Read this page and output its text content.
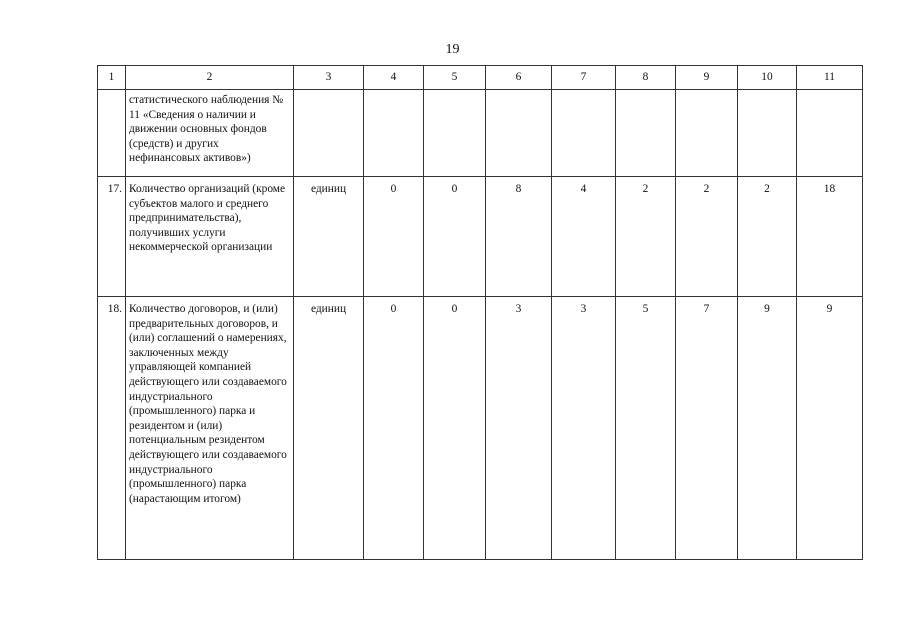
19
1	2	3	4	5	6	7	8	9	10	11
	статистического наблюдения № 11 «Сведения о наличии и движении основных фондов (средств) и других нефинансовых активов»)									
17.	Количество организаций (кроме субъектов малого и среднего предпринимательства), получивших услуги некоммерческой организации	единиц	0	0	8	4	2	2	2	18
18.	Количество договоров, и (или) предварительных договоров, и (или) соглашений о намерениях, заключенных между управляющей компанией действующего или создаваемого индустриального (промышленного) парка и резидентом и (или) потенциальным резидентом действующего или создаваемого индустриального (промышленного) парка (нарастающим итогом)	единиц	0	0	3	3	5	7	9	9
